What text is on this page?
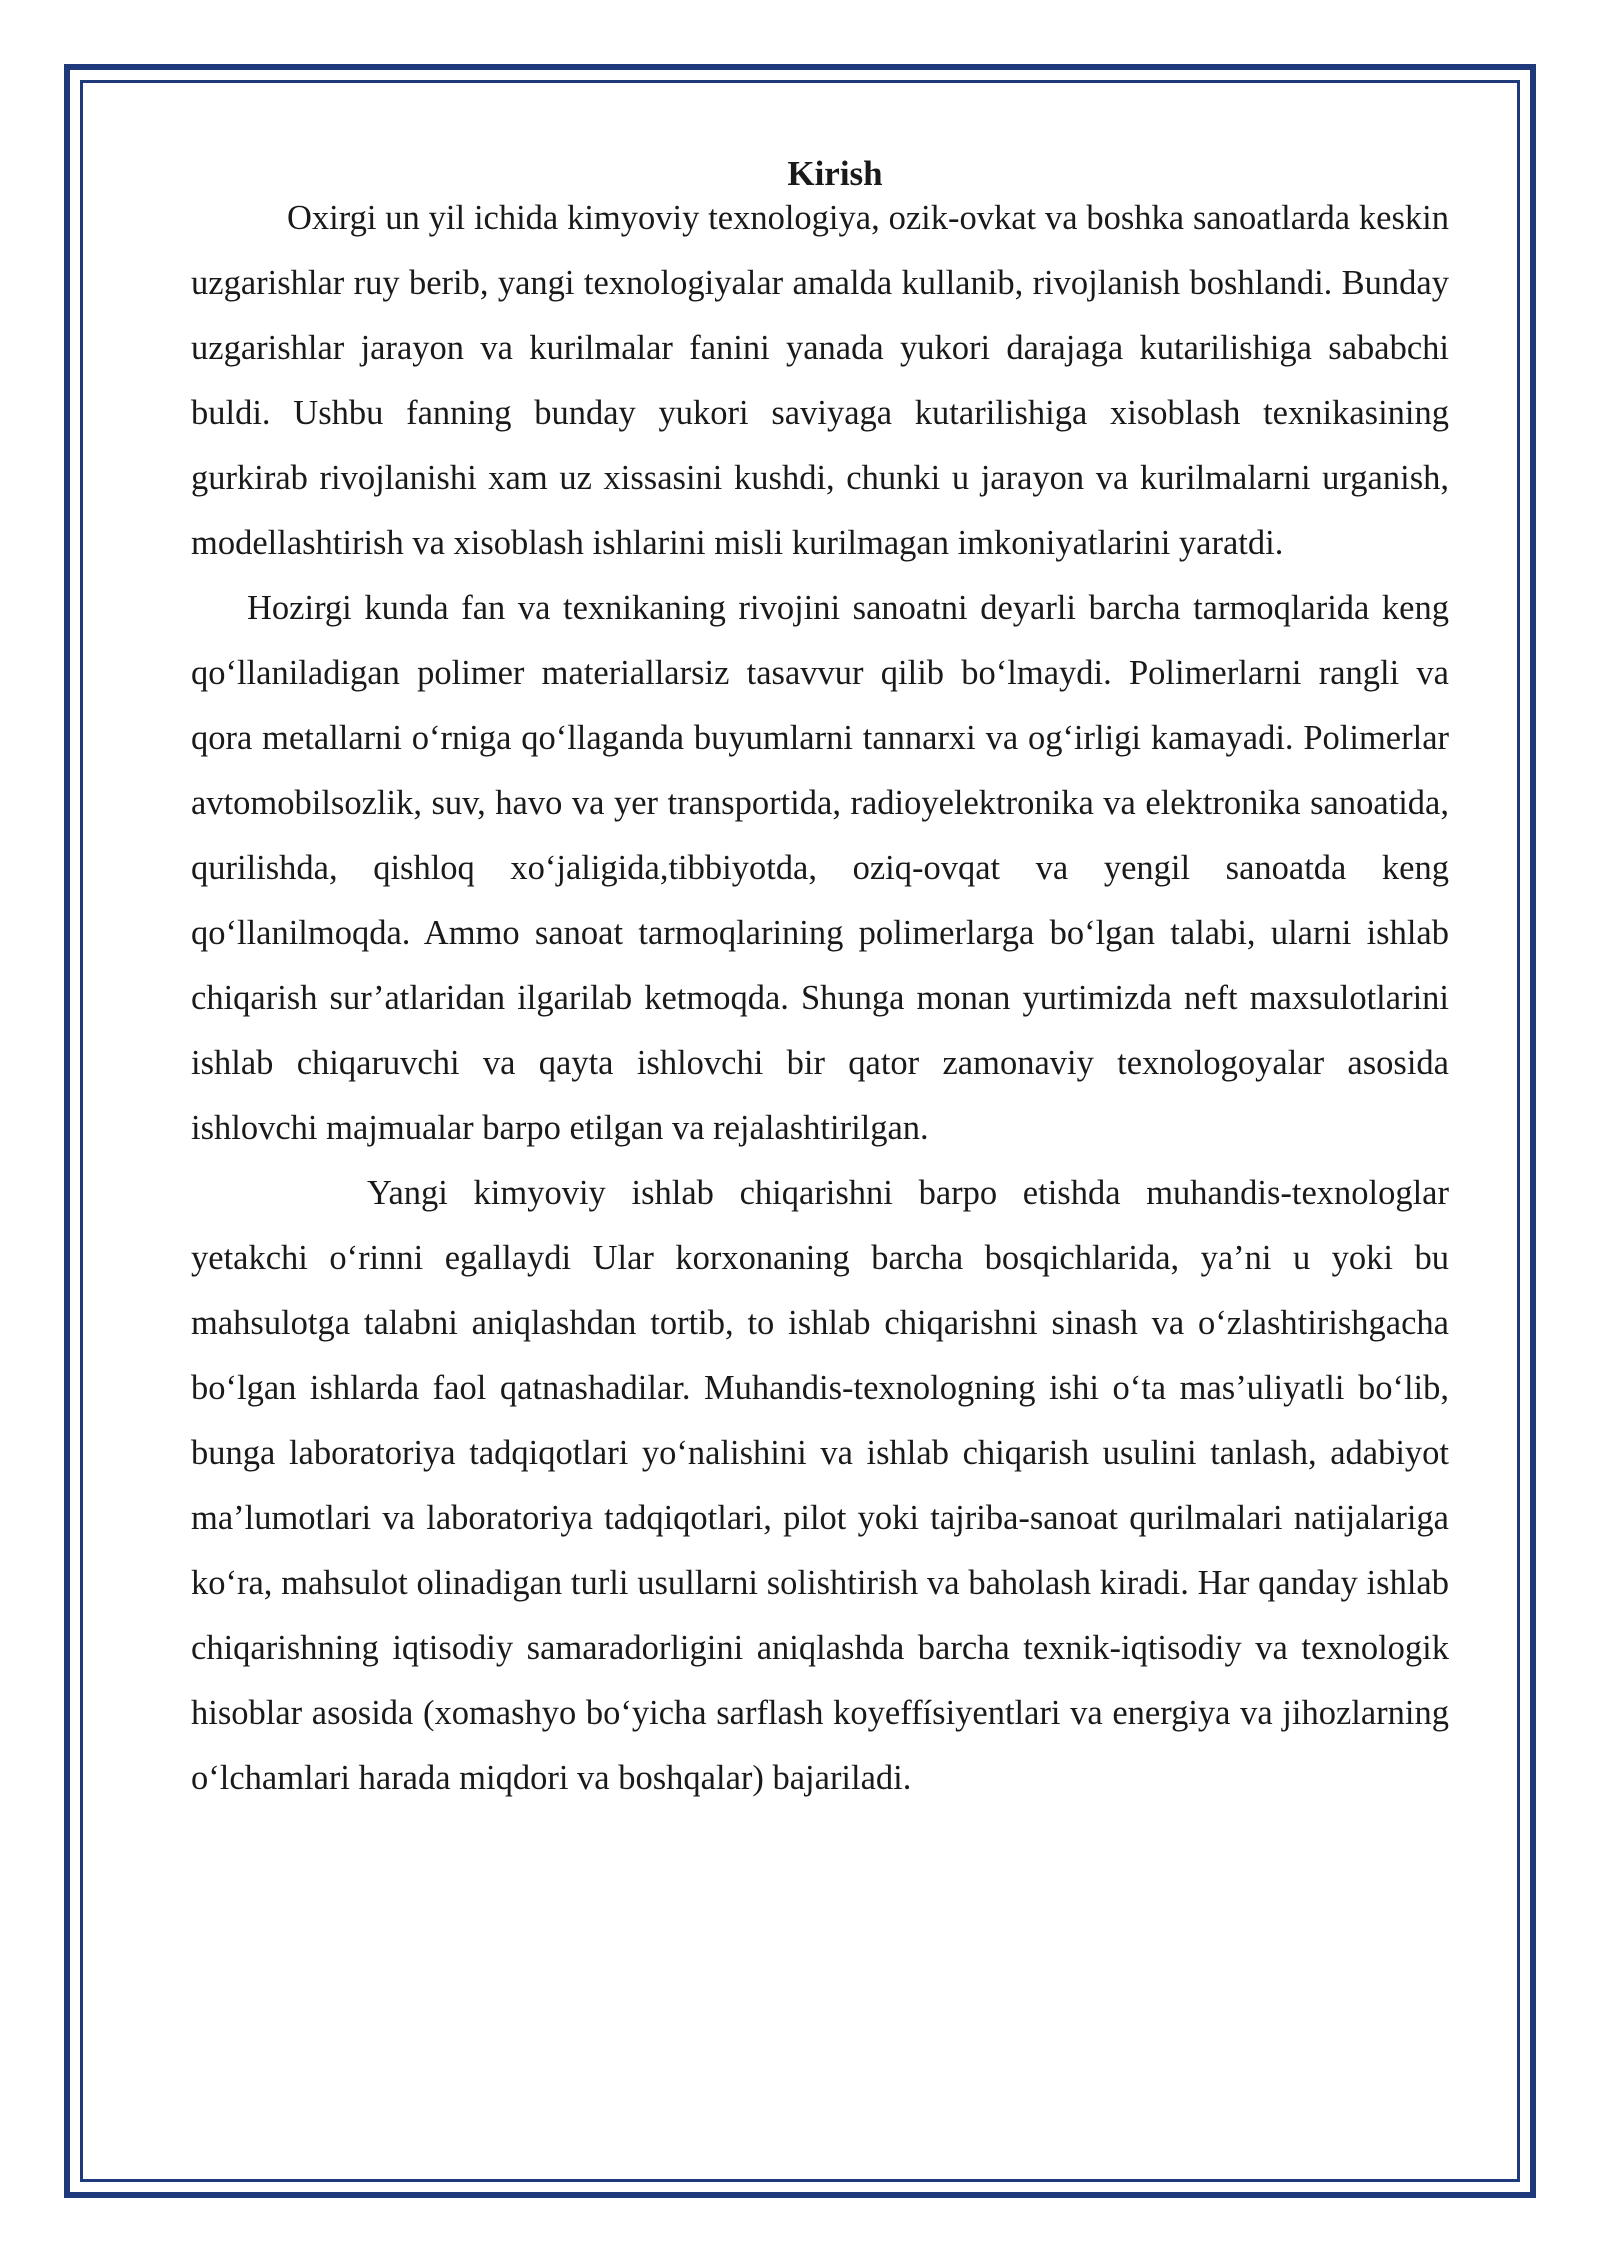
Kirish

Oxirgi un yil ichida kimyoviy texnologiya, ozik-ovkat va boshka sanoatlarda keskin uzgarishlar ruy berib, yangi texnologiyalar amalda kullanib, rivojlanish boshlandi. Bunday uzgarishlar jarayon va kurilmalar fanini yanada yukori darajaga kutarilishiga sababchi buldi. Ushbu fanning bunday yukori saviyaga kutarilishiga xisoblash texnikasining gurkirab rivojlanishi xam uz xissasini kushdi, chunki u jarayon va kurilmalarni urganish, modellashtirish va xisoblash ishlarini misli kurilmagan imkoniyatlarini yaratdi.

Hozirgi kunda fan va texnikaning rivojini sanoatni deyarli barcha tarmoqlarida keng qo‘llaniladigan polimer materiallarsiz tasavvur qilib bo‘lmaydi. Polimerlarni rangli va qora metallarni o‘rniga qo‘llaganda buyumlarni tannarxi va og‘irligi kamayadi. Polimerlar avtomobilsozlik, suv, havo va yer transportida, radioyelektronika va elektronika sanoatida, qurilishda, qishloq xo‘jaligida,tibbiyotda, oziq-ovqat va yengil sanoatda keng qo‘llanilmoqda. Ammo sanoat tarmoqlarining polimerlarga bo‘lgan talabi, ularni ishlab chiqarish sur’atlaridan ilgarilab ketmoqda. Shunga monan yurtimizda neft maxsulotlarini ishlab chiqaruvchi va qayta ishlovchi bir qator zamonaviy texnologoyalar asosida ishlovchi majmualar barpo etilgan va rejalashtirilgan.

Yangi kimyoviy ishlab chiqarishni barpo etishda muhandis-texnologlar yetakchi o‘rinni egallaydi Ular korxonaning barcha bosqichlarida, ya’ni u yoki bu mahsulotga talabni aniqlashdan tortib, to ishlab chiqarishni sinash va o‘zlashtirishgacha bo‘lgan ishlarda faol qatnashadilar. Muhandis-texnologning ishi o‘ta mas’uliyatli bo‘lib, bunga laboratoriya tadqiqotlari yo‘nalishini va ishlab chiqarish usulini tanlash, adabiyot ma’lumotlari va laboratoriya tadqiqotlari, pilot yoki tajriba-sanoat qurilmalari natijalariga ko‘ra, mahsulot olinadigan turli usullarni solishtirish va baholash kiradi. Har qanday ishlab chiqarishning iqtisodiy samaradorligini aniqlashda barcha texnik-iqtisodiy va texnologik hisoblar asosida (xomashyo bo‘yicha sarflash koyeffísiyentlari va energiya va jihozlarning o‘lchamlari harada miqdori va boshqalar) bajariladi.
